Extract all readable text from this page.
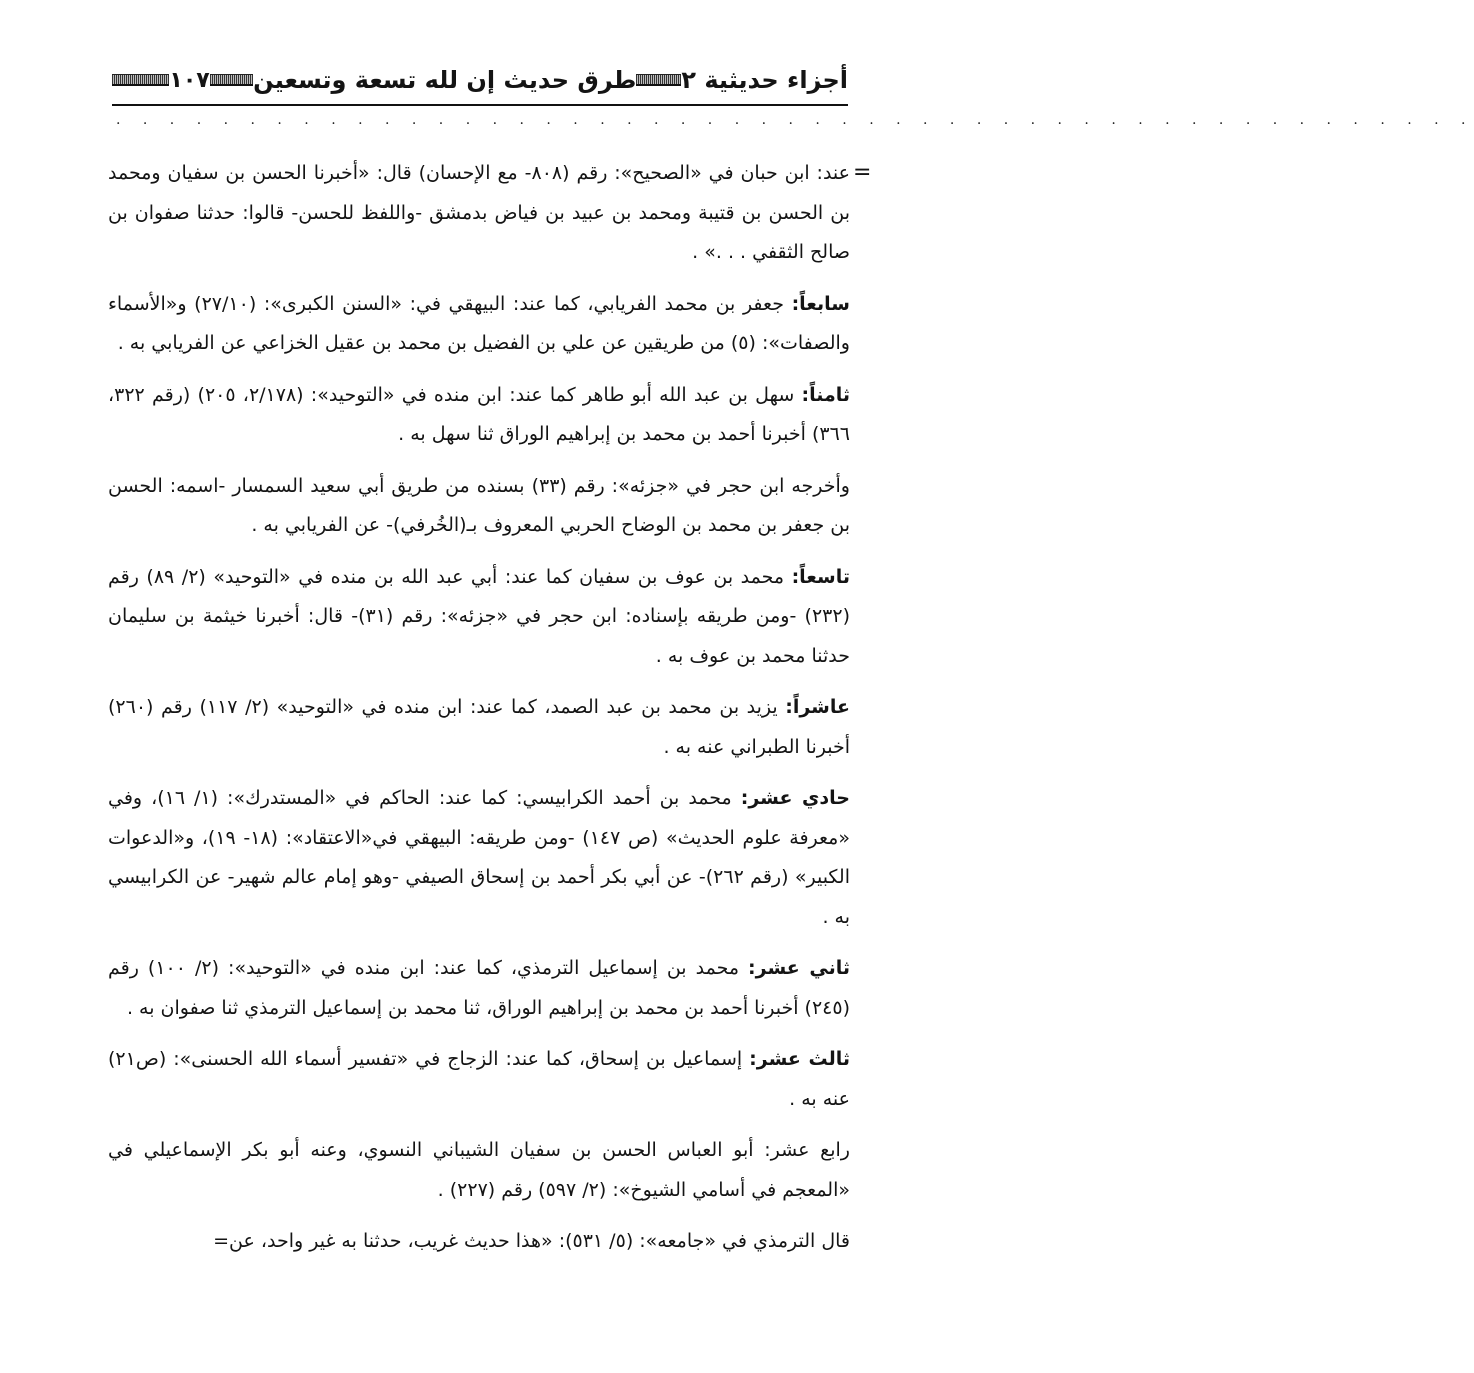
أجزاء حديثية ٢
طرق حديث إن لله تسعة وتسعين
١٠٧
. . . . . . . . . . . . . . . . . . . . . . . . . . . . . . . . . . . . . . . . . . . . . . . . . . .
=

عند: ابن حبان في «الصحيح»: رقم (٨٠٨- مع الإحسان) قال: «أخبرنا الحسن بن سفيان ومحمد بن الحسن بن قتيبة ومحمد بن عبيد بن فياض بدمشق -واللفظ للحسن- قالوا: حدثنا صفوان بن صالح الثقفي . . .» .

سابعاً: جعفر بن محمد الفريابي، كما عند: البيهقي في: «السنن الكبرى»: (٢٧/١٠) و«الأسماء والصفات»: (٥) من طريقين عن علي بن الفضيل بن محمد بن عقيل الخزاعي عن الفريابي به .

ثامناً: سهل بن عبد الله أبو طاهر كما عند: ابن منده في «التوحيد»: (٢/١٧٨، ٢٠٥) (رقم ٣٢٢، ٣٦٦) أخبرنا أحمد بن محمد بن إبراهيم الوراق ثنا سهل به .

وأخرجه ابن حجر في «جزئه»: رقم (٣٣) بسنده من طريق أبي سعيد السمسار -اسمه: الحسن بن جعفر بن محمد بن الوضاح الحربي المعروف بـ(الخُرفي)- عن الفريابي به .

تاسعاً: محمد بن عوف بن سفيان كما عند: أبي عبد الله بن منده في «التوحيد» (٢/ ٨٩) رقم (٢٣٢) -ومن طريقه بإسناده: ابن حجر في «جزئه»: رقم (٣١)- قال: أخبرنا خيثمة بن سليمان حدثنا محمد بن عوف به .

عاشراً: يزيد بن محمد بن عبد الصمد، كما عند: ابن منده في «التوحيد» (٢/ ١١٧) رقم (٢٦٠) أخبرنا الطبراني عنه به .

حادي عشر: محمد بن أحمد الكرابيسي: كما عند: الحاكم في «المستدرك»: (١/ ١٦)، وفي «معرفة علوم الحديث» (ص ١٤٧) -ومن طريقه: البيهقي في«الاعتقاد»: (١٨- ١٩)، و«الدعوات الكبير» (رقم ٢٦٢)- عن أبي بكر أحمد بن إسحاق الصيفي -وهو إمام عالم شهير- عن الكرابيسي به .

ثاني عشر: محمد بن إسماعيل الترمذي، كما عند: ابن منده في «التوحيد»: (٢/ ١٠٠) رقم (٢٤٥) أخبرنا أحمد بن محمد بن إبراهيم الوراق، ثنا محمد بن إسماعيل الترمذي ثنا صفوان به .

ثالث عشر: إسماعيل بن إسحاق، كما عند: الزجاج في «تفسير أسماء الله الحسنى»: (ص٢١) عنه به .

رابع عشر: أبو العباس الحسن بن سفيان الشيباني النسوي، وعنه أبو بكر الإسماعيلي في «المعجم في أسامي الشيوخ»: (٢/ ٥٩٧) رقم (٢٢٧) .

قال الترمذي في «جامعه»: (٥/ ٥٣١): «هذا حديث غريب، حدثنا به غير واحد، عن=
